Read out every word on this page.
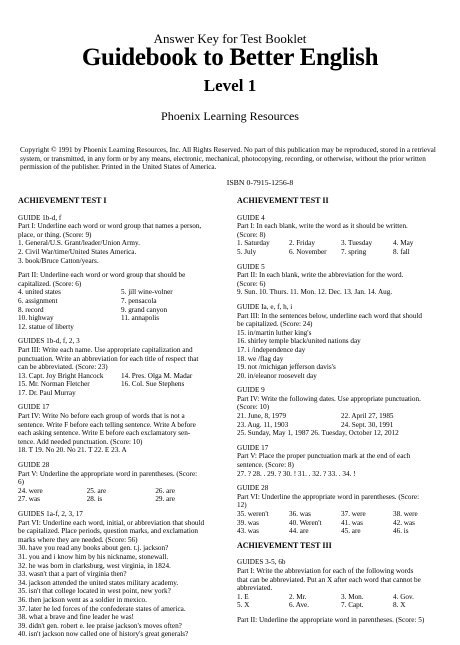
Answer Key for Test Booklet
Guidebook to Better English
Level 1
Phoenix Learning Resources
Copyright © 1991 by Phoenix Learning Resources, Inc. All Rights Reserved. No part of this publication may be reproduced, stored in a retrieval system, or transmitted, in any form or by any means, electronic, mechanical, photocopying, recording, or otherwise, without the prior written permission of the publisher. Printed in the United States of America.
ISBN 0-7915-1256-8
ACHIEVEMENT TEST I
GUIDE 1b-d, f
Part I: Underline each word or word group that names a person,
place, or thing. (Score: 9)
1. General/U.S. Grant/leader/Union Army.
2. Civil War/time/United States America.
3. book/Bruce Catton/years.
Part II: Underline each word or word group that should be
capitalized. (Score: 6)
4. united states	5. jill wine-volner
6. assignment	7. pensacola
8. record	9. grand canyon
10. highway	11. annapolis
12. statue of liberty
GUIDES 1b-d, f, 2, 3
Part III: Write each name. Use appropriate capitalization and
punctuation. Write an abbreviation for each title of respect that
can be abbreviated. (Score: 23)
13. Capt. Joy Bright Hancock	14. Pres. Olga M. Madar
15. Mr. Norman Fletcher	16. Col. Sue Stephens
17. Dr. Paul Murray
GUIDE 17
Part IV: Write No before each group of words that is not a
sentence. Write F before each telling sentence. Write A before
each asking sentence. Write E before each exclamatory sen-
tence. Add needed punctuation. (Score: 10)
18. T 19. No 20. No 21. T 22. E 23. A
GUIDE 28
Part V: Underline the appropriate word in parentheses. (Score:
6)
24. were	25. are	26. are
27. was	28. is	29. are
GUIDES 1a-f, 2, 3, 17
Part VI: Underline each word, initial, or abbreviation that should
be capitalized. Place periods, question marks, and exclamation
marks where they are needed. (Score: 56)
30. have you read any books about gen. t.j. jackson?
31. you and i know him by his nickname, stonewall.
32. he was born in clarksburg, west virginia, in 1824.
33. wasn't that a part of virginia then?
34. jackson attended the united states military academy.
35. isn't that college located in west point, new york?
36. then jackson went as a soldier in mexico.
37. later he led forces of the confederate states of america.
38. what a brave and fine leader he was!
39. didn't gen. robert e. lee praise jackson's moves often?
40. isn't jackson now called one of history's great generals?
ACHIEVEMENT TEST II
GUIDE 4
Part I: In each blank, write the word as it should be written.
(Score: 8)
1. Saturday	2. Friday	3. Tuesday	4. May
5. July	6. November	7. spring	8. fall
GUIDE 5
Part II: In each blank, write the abbreviation for the word.
(Score: 6)
9. Sun. 10. Thurs. 11. Mon. 12. Dec. 13. Jan. 14. Aug.
GUIDE Ia, e, f, h, i
Part III: In the sentences below, underline each word that should
be capitalized. (Score: 24)
15. in/martin luther king's
16. shirley temple black/united nations day
17. i /independence day
18. we /flag day
19. not /michigan jefferson davis's
20. in/eleanor roosevelt day
GUIDE 9
Part IV: Write the following dates. Use appropriate punctuation.
(Score: 10)
21. June, 8, 1979	22. April 27, 1985
23. Aug. 11, 1903	24. Sept. 30, 1991
25. Sunday, May 1, 1987 26. Tuesday, October 12, 2012
GUIDE 17
Part V: Place the proper punctuation mark at the end of each
sentence. (Score: 8)
27. ? 28. . 29. ? 30. ! 31. . 32. ? 33. . 34. !
GUIDE 28
Part VI: Underline the appropriate word in parentheses. (Score:
12)
35. weren't	36. was	37. were	38. were
39. was	40. Weren't	41. was	42. was
43. was	44. are	45. are	46. is
ACHIEVEMENT TEST III
GUIDES 3-5, 6b
Part I: Write the abbreviation for each of the following words
that can be abbreviated. Put an X after each word that cannot be
abbreviated.
1. E	2. Mr.	3. Mon.	4. Gov.
5. X	6. Ave.	7. Capt.	8. X
Part II: Underline the appropriate word in parentheses. (Score: 5)
